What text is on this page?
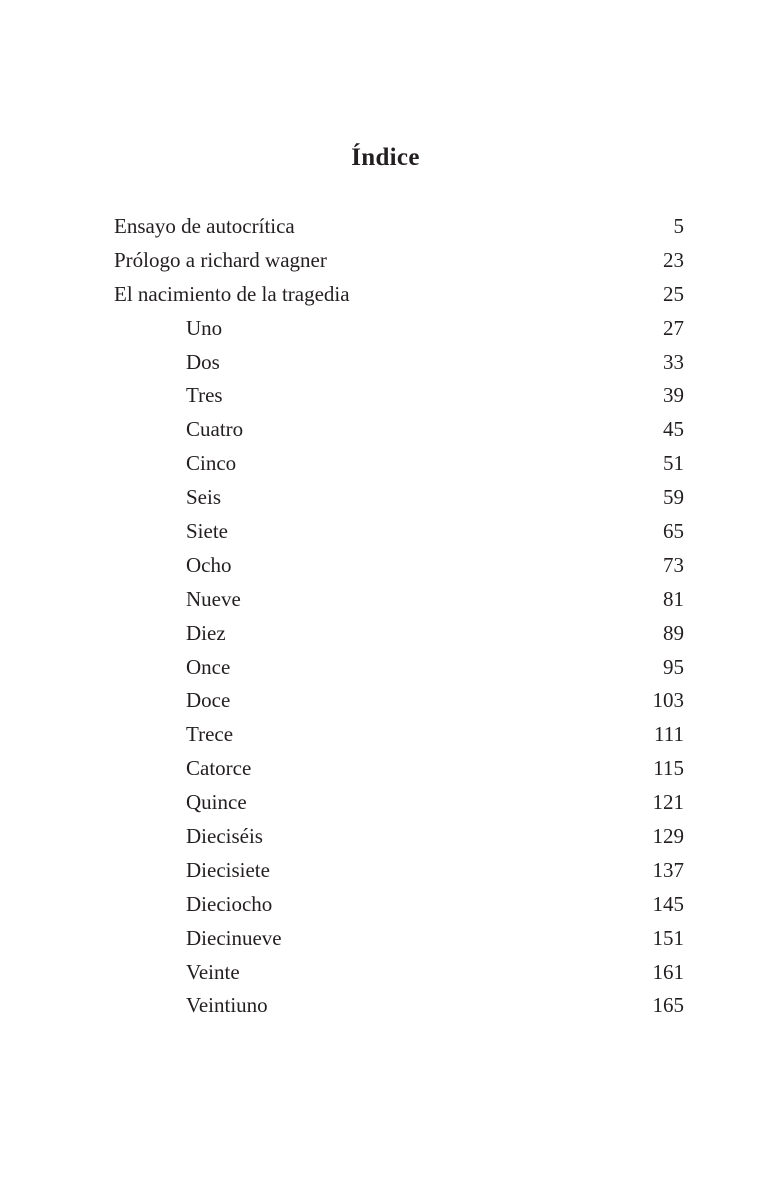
Índice
Ensayo de autocrítica	5
Prólogo a richard wagner	23
El nacimiento de la tragedia	25
Uno	27
Dos	33
Tres	39
Cuatro	45
Cinco	51
Seis	59
Siete	65
Ocho	73
Nueve	81
Diez	89
Once	95
Doce	103
Trece	111
Catorce	115
Quince	121
Dieciséis	129
Diecisiete	137
Dieciocho	145
Diecinueve	151
Veinte	161
Veintiuno	165
